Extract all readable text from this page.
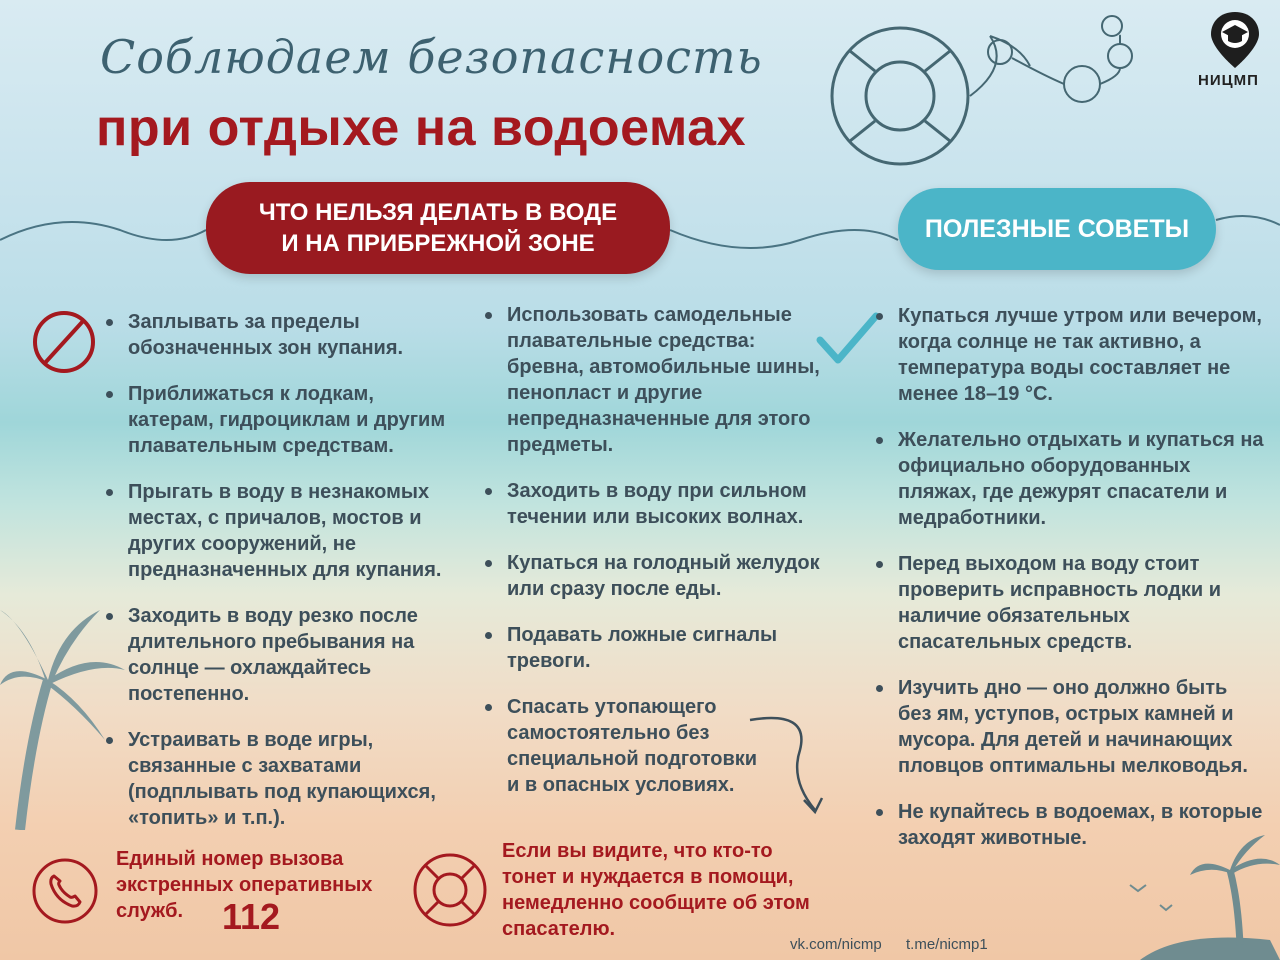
НИЦМП
Соблюдаем безопасность
при отдыхе на водоемах
ЧТО НЕЛЬЗЯ ДЕЛАТЬ В ВОДЕ
И НА ПРИБРЕЖНОЙ ЗОНЕ
ПОЛЕЗНЫЕ СОВЕТЫ
Заплывать за пределы обозначенных зон купания.
Приближаться к лодкам, катерам, гидроциклам и другим плавательным средствам.
Прыгать в воду в незнакомых местах, с причалов, мостов и других сооружений, не предназначенных для купания.
Заходить в воду резко после длительного пребывания на солнце — охлаждайтесь постепенно.
Устраивать в воде игры, связанные с захватами (подплывать под купающихся, «топить» и т.п.).
Использовать самодельные плавательные средства: бревна, автомобильные шины, пенопласт и другие непредназначенные для этого предметы.
Заходить в воду при сильном течении или высоких волнах.
Купаться на голодный желудок или сразу после еды.
Подавать ложные сигналы тревоги.
Спасать утопающего самостоятельно без специальной подготовки и в опасных условиях.
Купаться лучше утром или вечером, когда солнце не так активно, а температура воды составляет не менее 18–19 °C.
Желательно отдыхать и купаться на официально оборудованных пляжах, где дежурят спасатели и медработники.
Перед выходом на воду стоит проверить исправность лодки и наличие обязательных спасательных средств.
Изучить дно — оно должно быть без ям, уступов, острых камней и мусора. Для детей и начинающих пловцов оптимальны мелководья.
Не купайтесь в водоемах, в которые заходят животные.
Единый номер вызова экстренных оперативных служб.	112
Если вы видите, что кто-то тонет и нуждается в помощи, немедленно сообщите об этом спасателю.
vk.com/nicmp t.me/nicmp1
